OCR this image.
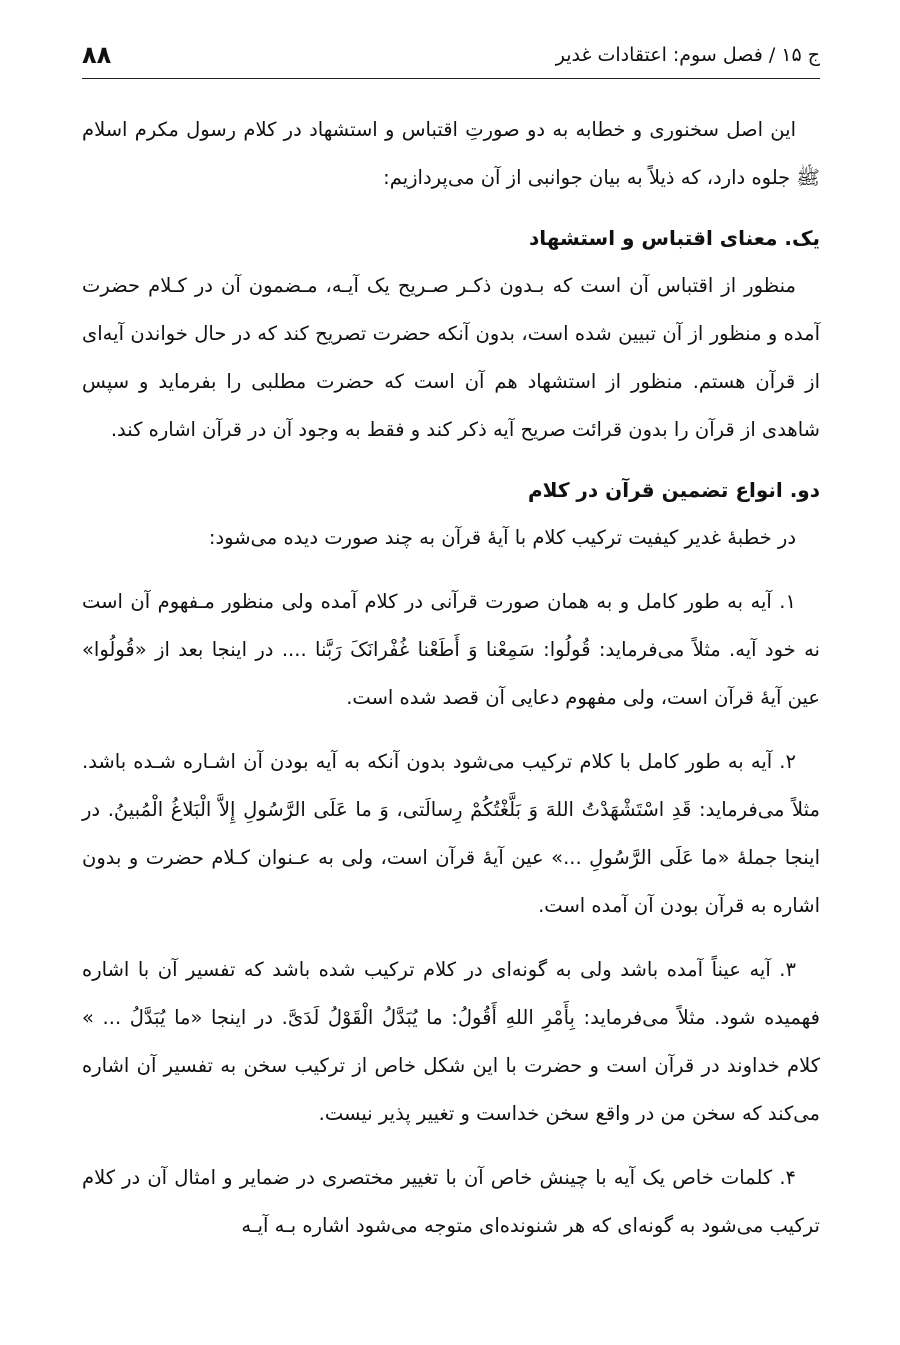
ج ۱۵ / فصل سوم: اعتقادات غدیر
۸۸

این اصل سخنوری و خطابه به دو صورتِ اقتباس و استشهاد در کلام رسول مکرم اسلام ﷺ جلوه دارد، که ذیلاً به بیان جوانبی از آن می‌پردازیم:

یک. معنای اقتباس و استشهاد

منظور از اقتباس آن است که بـدون ذکـر صـریح یک آیـه، مـضمون آن در کـلام حضرت آمده و منظور از آن تبیین شده است، بدون آنکه حضرت تصریح کند که در حال خواندن آیه‌ای از قرآن هستم. منظور از استشهاد هم آن است که حضرت مطلبی را بفرماید و سپس شاهدی از قرآن را بدون قرائت صریح آیه ذکر کند و فقط به وجود آن در قرآن اشاره کند.

دو. انواع تضمین قرآن در کلام

در خطبهٔ غدیر کیفیت ترکیب کلام با آیهٔ قرآن به چند صورت دیده می‌شود:

۱. آیه به طور کامل و به همان صورت قرآنی در کلام آمده ولی منظور مـفهوم آن است نه خود آیه. مثلاً می‌فرماید: قُولُوا: سَمِعْنا وَ أَطَعْنا غُفْرانَکَ رَبَّنا .... در اینجا بعد از «قُولُوا» عین آیهٔ قرآن است، ولی مفهوم دعایی آن قصد شده است.

۲. آیه به طور کامل با کلام ترکیب می‌شود بدون آنکه به آیه بودن آن اشـاره شـده باشد. مثلاً می‌فرماید: قَدِ اسْتَشْهَدْتُ اللهَ وَ بَلَّغْتُکُمْ رِسالَتی، وَ ما عَلَی الرَّسُولِ إِلاَّ الْبَلاغُ الْمُبینُ. در اینجا جملهٔ «ما عَلَی الرَّسُولِ ...» عین آیهٔ قرآن است، ولی به عـنوان کـلام حضرت و بدون اشاره به قرآن بودن آن آمده است.

۳. آیه عیناً آمده باشد ولی به گونه‌ای در کلام ترکیب شده باشد که تفسیر آن با اشاره فهمیده شود. مثلاً می‌فرماید: بِأَمْرِ اللهِ أَقُولُ: ما یُبَدَّلُ الْقَوْلُ لَدَیَّ. در اینجا «ما یُبَدَّلُ ... » کلام خداوند در قرآن است و حضرت با این شکل خاص از ترکیب سخن به تفسیر آن اشاره می‌کند که سخن من در واقع سخن خداست و تغییر پذیر نیست.

۴. کلمات خاص یک آیه با چینش خاص آن با تغییر مختصری در ضمایر و امثال آن در کلام ترکیب می‌شود به گونه‌ای که هر شنونده‌ای متوجه می‌شود اشاره بـه آیـه
